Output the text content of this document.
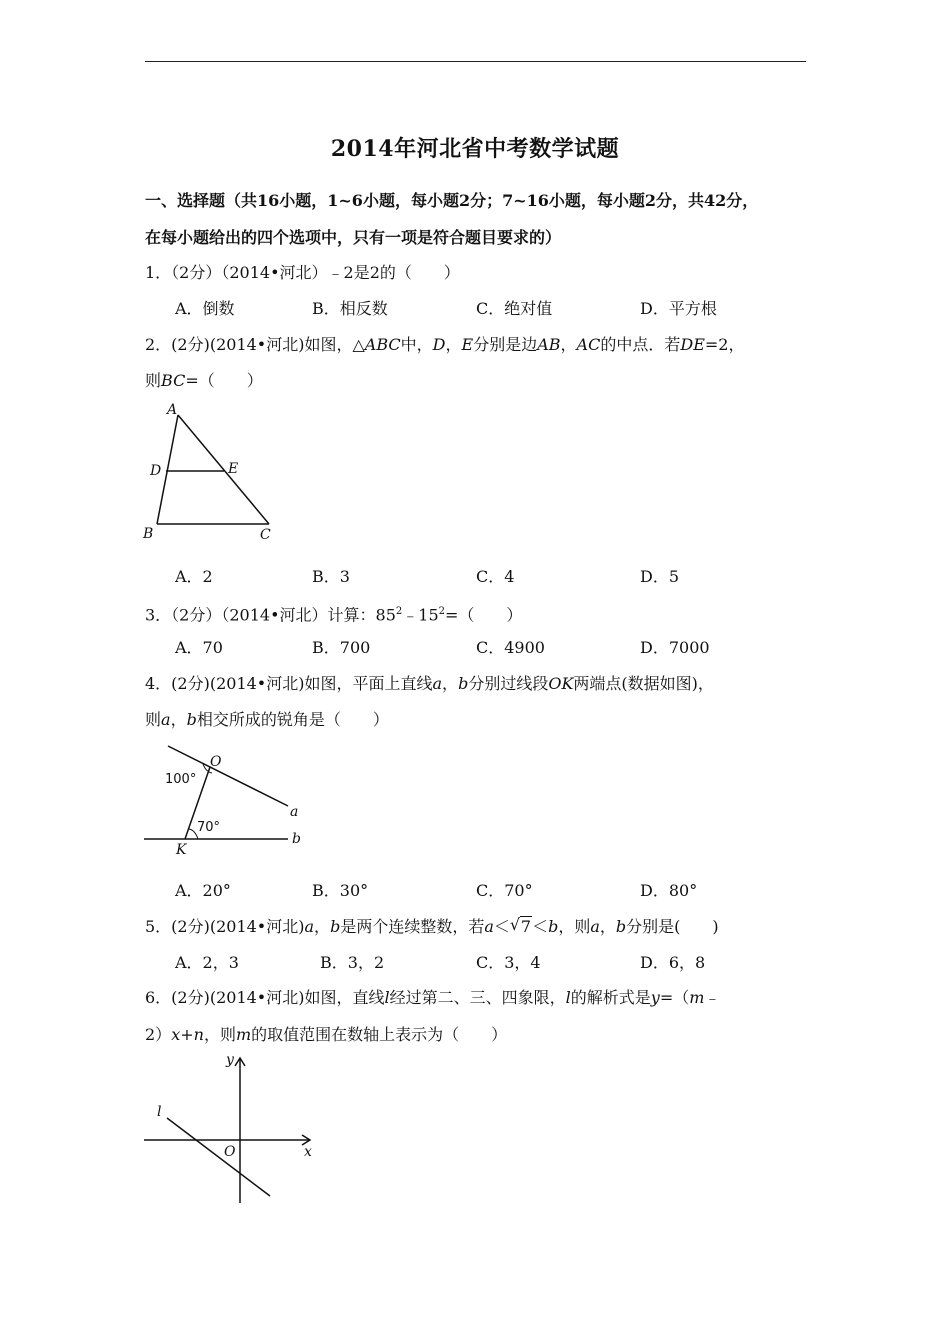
2014年河北省中考数学试题
一、选择题（共16小题，1~6小题，每小题2分；7~16小题，每小题2分，共42分，
在每小题给出的四个选项中，只有一项是符合题目要求的）
1．（2分）（2014•河北）﹣2是2的（　　）
A．倒数	B．相反数	C．绝对值	D．平方根
2．(2分)(2014•河北)如图，△ABC中，D，E分别是边AB，AC的中点．若DE=2，
则BC=（　　）
A
D	E
B	C
A．2	B．3	C．4	D．5
3．（2分）（2014•河北）计算：$85^2﹣15^2=$（　　）
A．70	B．700	C．4900	D．7000
4．(2分)(2014•河北)如图，平面上直线a，b分别过线段OK两端点(数据如图)，
则a，b相交所成的锐角是（　　）
O
K
a
b
100°
70°
A．20°	B．30°	C．70°	D．80°
5．(2分)(2014•河北)a，b是两个连续整数，若a＜ √ 7＜b，则a，b分别是(　　)
A．2，3	B．3，2	C．3，4	D．6，8
6．(2分)(2014•河北)如图，直线l经过第二、三、四象限，l的解析式是y=（m﹣
2）x+n，则m的取值范围在数轴上表示为（　　）
y
x
O
l
